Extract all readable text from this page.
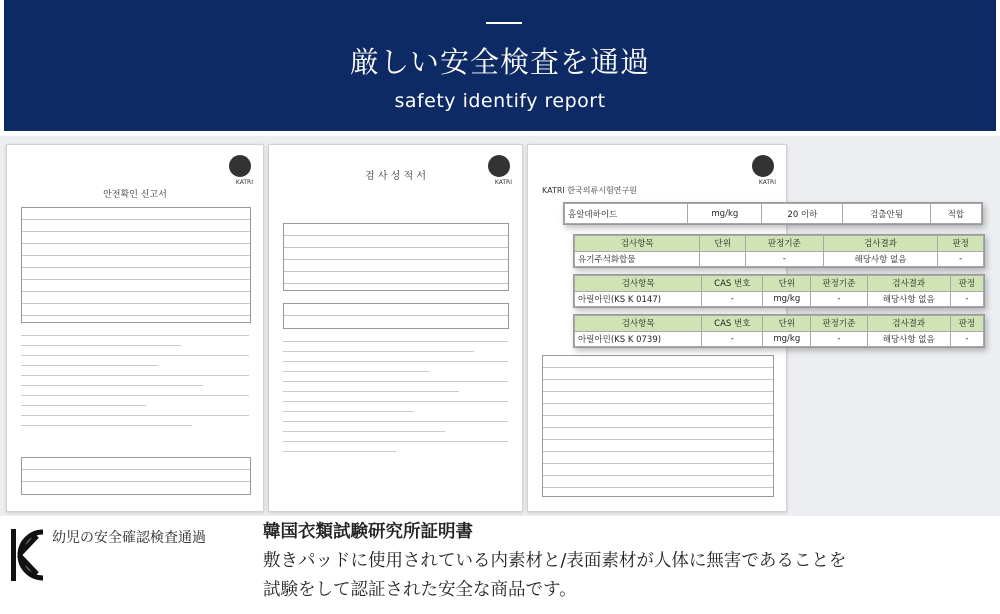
厳しい安全検査を通過
safety identify report
KATRI
안전확인 신고서
KATRI
검 사 성 적 서
KATRI
KATRI 한국의류시험연구원
홈알데하이드	mg/kg	20 이하	검출안됨	적합
검사항목	단위	판정기준	검사결과	판정
유기주석화합물		-	해당사항 없음	-
검사항목	CAS 번호	단위	판정기준	검사결과	판정
아릴아민(KS K 0147)	-	mg/kg	-	해당사항 없음	-
검사항목	CAS 번호	단위	판정기준	검사결과	판정
아릴아민(KS K 0739)	-	mg/kg	-	해당사항 없음	-
幼児の安全確認検査通過	韓国衣類試験研究所証明書
敷きパッドに使用されている内素材と/表面素材が人体に無害であることを
試験をして認証された安全な商品です。
